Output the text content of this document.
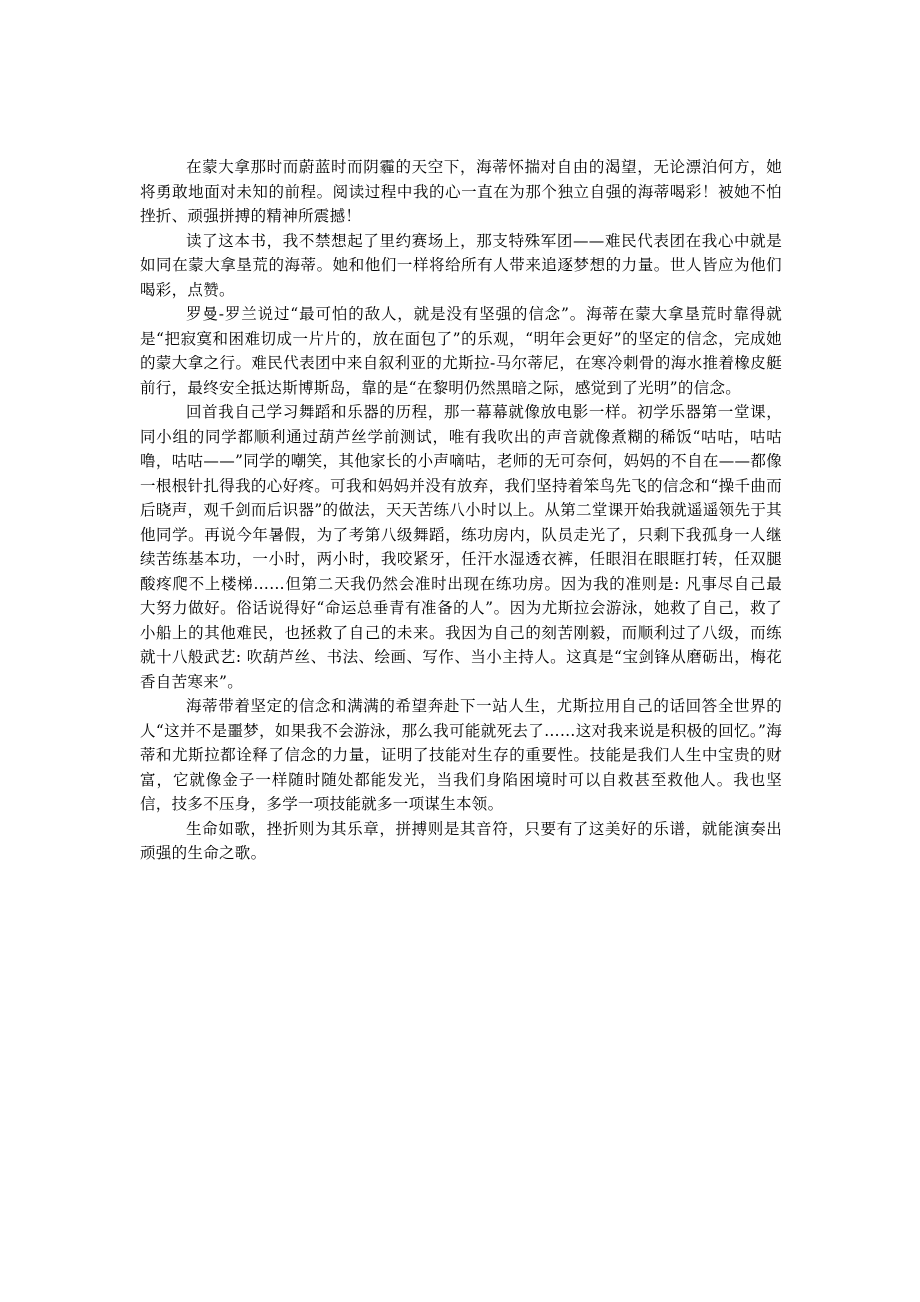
在蒙大拿那时而蔚蓝时而阴霾的天空下，海蒂怀揣对自由的渴望，无论漂泊何方，她将勇敢地面对未知的前程。阅读过程中我的心一直在为那个独立自强的海蒂喝彩！被她不怕挫折、顽强拼搏的精神所震撼！

读了这本书，我不禁想起了里约赛场上，那支特殊军团——难民代表团在我心中就是如同在蒙大拿垦荒的海蒂。她和他们一样将给所有人带来追逐梦想的力量。世人皆应为他们喝彩，点赞。

罗曼-罗兰说过“最可怕的敌人，就是没有坚强的信念”。海蒂在蒙大拿垦荒时靠得就是“把寂寞和困难切成一片片的，放在面包了”的乐观，“明年会更好”的坚定的信念，完成她的蒙大拿之行。难民代表团中来自叙利亚的尤斯拉-马尔蒂尼，在寒冷刺骨的海水推着橡皮艇前行，最终安全抵达斯博斯岛，靠的是“在黎明仍然黑暗之际，感觉到了光明”的信念。

回首我自己学习舞蹈和乐器的历程，那一幕幕就像放电影一样。初学乐器第一堂课，同小组的同学都顺利通过葫芦丝学前测试，唯有我吹出的声音就像煮糊的稀饭“咕咕，咕咕噜，咕咕——”同学的嘲笑，其他家长的小声嘀咕，老师的无可奈何，妈妈的不自在——都像一根根针扎得我的心好疼。可我和妈妈并没有放弃，我们坚持着笨鸟先飞的信念和“操千曲而后晓声，观千剑而后识器”的做法，天天苦练八小时以上。从第二堂课开始我就遥遥领先于其他同学。再说今年暑假，为了考第八级舞蹈，练功房内，队员走光了，只剩下我孤身一人继续苦练基本功，一小时，两小时，我咬紧牙，任汗水湿透衣裤，任眼泪在眼眶打转，任双腿酸疼爬不上楼梯……但第二天我仍然会准时出现在练功房。因为我的准则是: 凡事尽自己最大努力做好。俗话说得好“命运总垂青有准备的人”。因为尤斯拉会游泳，她救了自己，救了小船上的其他难民，也拯救了自己的未来。我因为自己的刻苦刚毅，而顺利过了八级，而练就十八般武艺: 吹葫芦丝、书法、绘画、写作、当小主持人。这真是“宝剑锋从磨砺出，梅花香自苦寒来”。

海蒂带着坚定的信念和满满的希望奔赴下一站人生，尤斯拉用自己的话回答全世界的人“这并不是噩梦，如果我不会游泳，那么我可能就死去了……这对我来说是积极的回忆。”海蒂和尤斯拉都诠释了信念的力量，证明了技能对生存的重要性。技能是我们人生中宝贵的财富，它就像金子一样随时随处都能发光，当我们身陷困境时可以自救甚至救他人。我也坚信，技多不压身，多学一项技能就多一项谋生本领。

生命如歌，挫折则为其乐章，拼搏则是其音符，只要有了这美好的乐谱，就能演奏出顽强的生命之歌。
